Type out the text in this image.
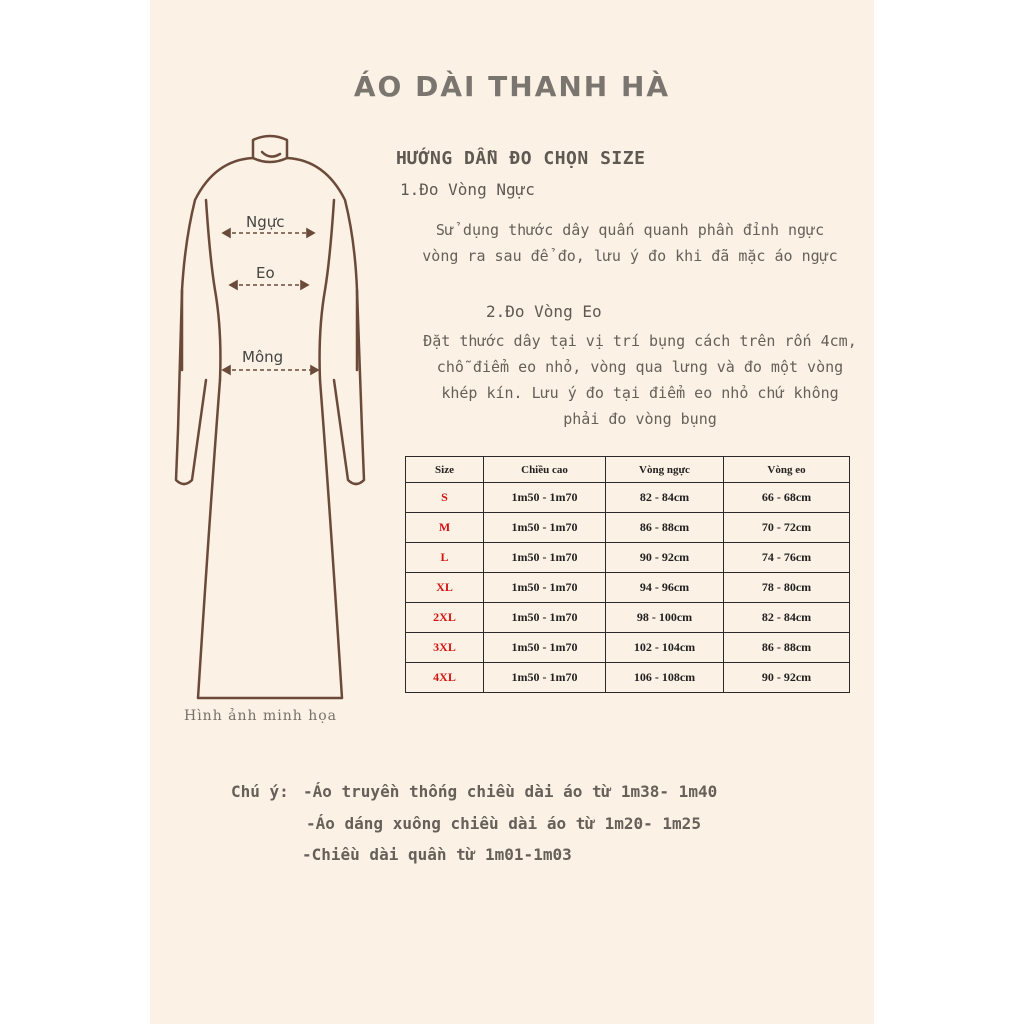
ÁO DÀI THANH HÀ
Ngực
Eo
Mông
Hình ảnh minh họa
HƯỚNG DẪN ĐO CHỌN SIZE
1.Đo Vòng Ngực
Sử dụng thước dây quấn quanh phần đỉnh ngực
vòng ra sau để đo, lưu ý đo khi đã mặc áo ngực
2.Đo Vòng Eo
Đặt thước dây tại vị trí bụng cách trên rốn 4cm,
chỗ điểm eo nhỏ, vòng qua lưng và đo một vòng
khép kín. Lưu ý đo tại điểm eo nhỏ chứ không
phải đo vòng bụng
Size	Chiều cao	Vòng ngực	Vòng eo
S	1m50 - 1m70	82 - 84cm	66 - 68cm
M	1m50 - 1m70	86 - 88cm	70 - 72cm
L	1m50 - 1m70	90 - 92cm	74 - 76cm
XL	1m50 - 1m70	94 - 96cm	78 - 80cm
2XL	1m50 - 1m70	98 - 100cm	82 - 84cm
3XL	1m50 - 1m70	102 - 104cm	86 - 88cm
4XL	1m50 - 1m70	106 - 108cm	90 - 92cm
Chú ý: -Áo truyền thống chiều dài áo từ 1m38- 1m40
-Áo dáng xuông chiều dài áo từ 1m20- 1m25
-Chiều dài quần từ 1m01-1m03
